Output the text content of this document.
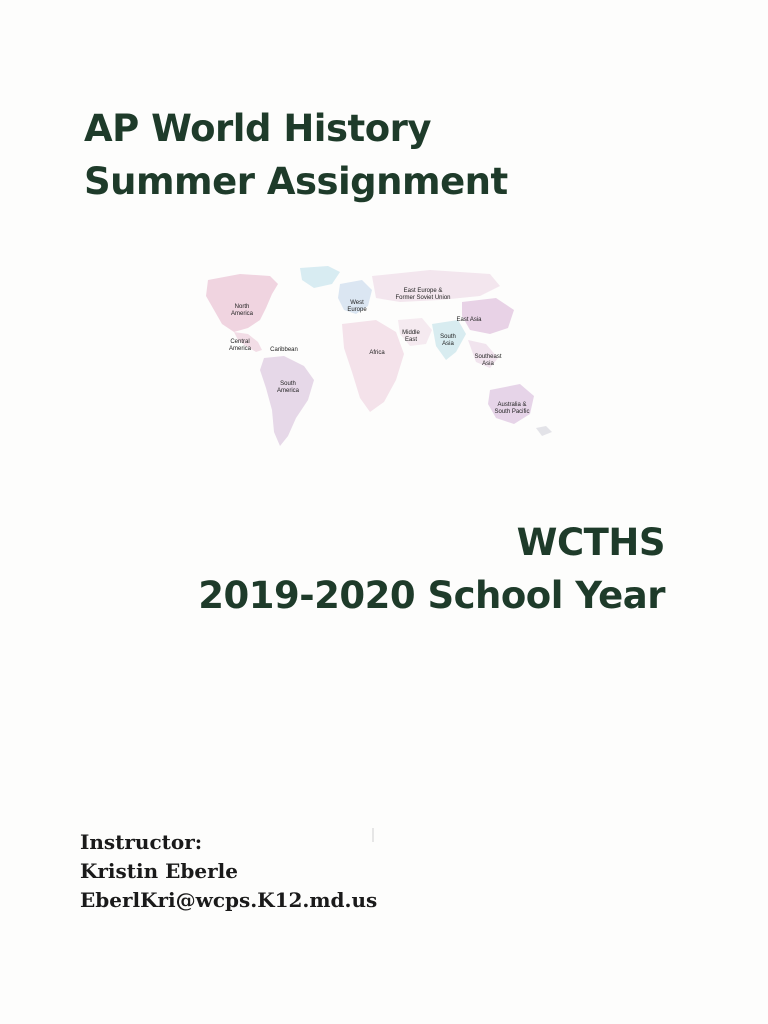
AP World History
Summer Assignment
North America
Central America	Caribbean
South America
West Europe
East Europe & Former Soviet Union
Middle East
Africa
South Asia
East Asia
Southeast Asia
Australia & South Pacific
WCTHS
2019-2020 School Year
Instructor:
Kristin Eberle
EberlKri@wcps.K12.md.us
